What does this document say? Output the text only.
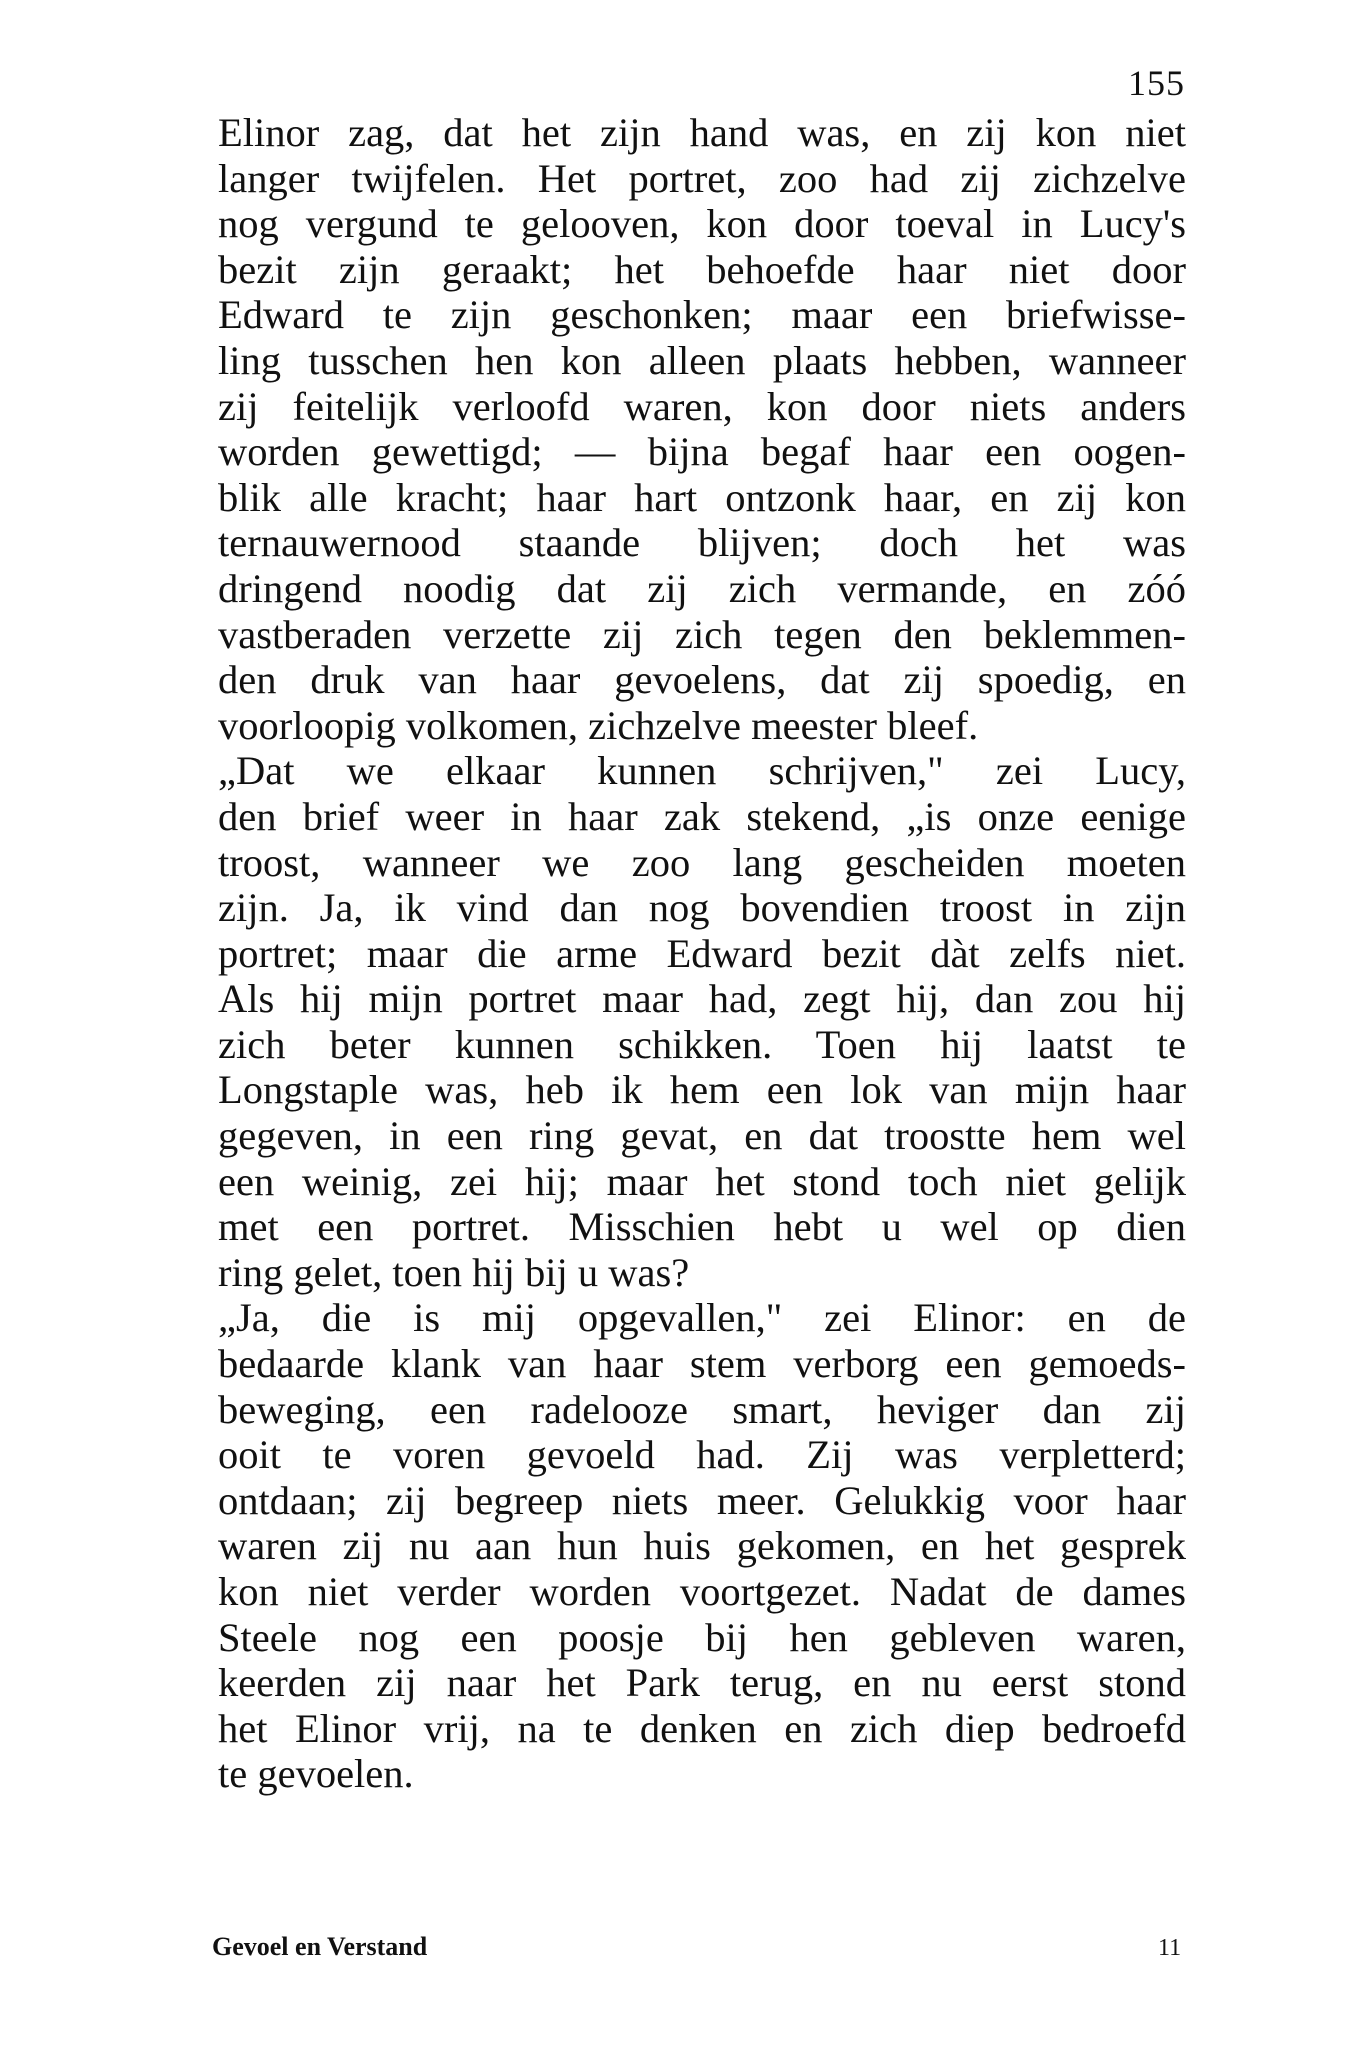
155
Elinor zag, dat het zijn hand was, en zij kon niet
langer twijfelen. Het portret, zoo had zij zichzelve
nog vergund te gelooven, kon door toeval in Lucy's
bezit zijn geraakt; het behoefde haar niet door
Edward te zijn geschonken; maar een briefwisse-
ling tusschen hen kon alleen plaats hebben, wanneer
zij feitelijk verloofd waren, kon door niets anders
worden gewettigd; — bijna begaf haar een oogen-
blik alle kracht; haar hart ontzonk haar, en zij kon
ternauwernood staande blijven; doch het was
dringend noodig dat zij zich vermande, en zóó
vastberaden verzette zij zich tegen den beklemmen-
den druk van haar gevoelens, dat zij spoedig, en
voorloopig volkomen, zichzelve meester bleef.
„Dat we elkaar kunnen schrijven," zei Lucy,
den brief weer in haar zak stekend, „is onze eenige
troost, wanneer we zoo lang gescheiden moeten
zijn. Ja, ik vind dan nog bovendien troost in zijn
portret; maar die arme Edward bezit dàt zelfs niet.
Als hij mijn portret maar had, zegt hij, dan zou hij
zich beter kunnen schikken. Toen hij laatst te
Longstaple was, heb ik hem een lok van mijn haar
gegeven, in een ring gevat, en dat troostte hem wel
een weinig, zei hij; maar het stond toch niet gelijk
met een portret. Misschien hebt u wel op dien
ring gelet, toen hij bij u was?
„Ja, die is mij opgevallen," zei Elinor: en de
bedaarde klank van haar stem verborg een gemoeds-
beweging, een radelooze smart, heviger dan zij
ooit te voren gevoeld had. Zij was verpletterd;
ontdaan; zij begreep niets meer. Gelukkig voor haar
waren zij nu aan hun huis gekomen, en het gesprek
kon niet verder worden voortgezet. Nadat de dames
Steele nog een poosje bij hen gebleven waren,
keerden zij naar het Park terug, en nu eerst stond
het Elinor vrij, na te denken en zich diep bedroefd
te gevoelen.
Gevoel en Verstand	11
